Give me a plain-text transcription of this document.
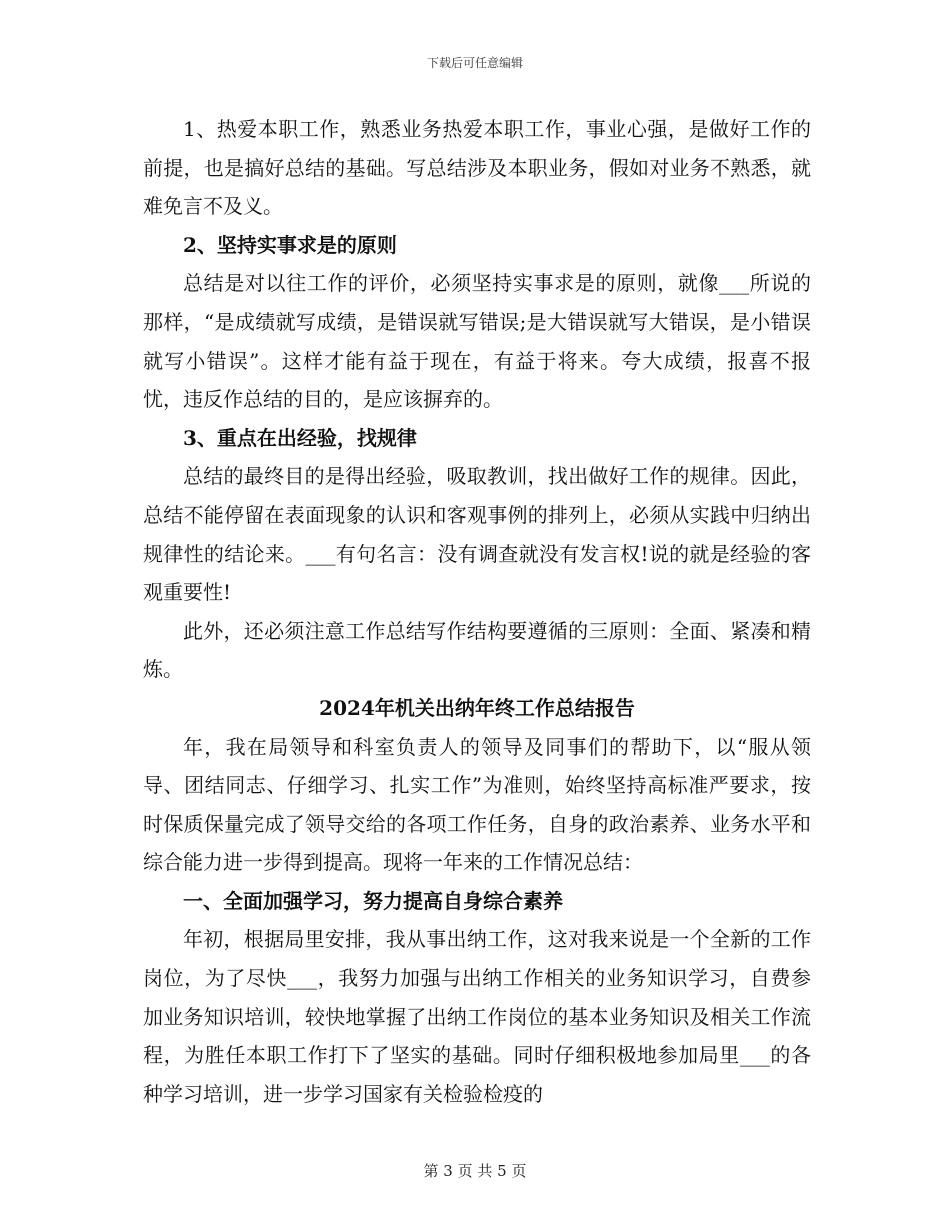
下载后可任意编辑

1、热爱本职工作，熟悉业务热爱本职工作，事业心强，是做好工作的前提，也是搞好总结的基础。写总结涉及本职业务，假如对业务不熟悉，就难免言不及义。

2、坚持实事求是的原则

总结是对以往工作的评价，必须坚持实事求是的原则，就像___所说的那样，“是成绩就写成绩，是错误就写错误;是大错误就写大错误，是小错误就写小错误”。这样才能有益于现在，有益于将来。夸大成绩，报喜不报忧，违反作总结的目的，是应该摒弃的。

3、重点在出经验，找规律

总结的最终目的是得出经验，吸取教训，找出做好工作的规律。因此，总结不能停留在表面现象的认识和客观事例的排列上，必须从实践中归纳出规律性的结论来。___有句名言：没有调查就没有发言权!说的就是经验的客观重要性!

此外，还必须注意工作总结写作结构要遵循的三原则：全面、紧凑和精炼。

2024年机关出纳年终工作总结报告

年，我在局领导和科室负责人的领导及同事们的帮助下，以“服从领导、团结同志、仔细学习、扎实工作”为准则，始终坚持高标准严要求，按时保质保量完成了领导交给的各项工作任务，自身的政治素养、业务水平和综合能力进一步得到提高。现将一年来的工作情况总结：

一、全面加强学习，努力提高自身综合素养

年初，根据局里安排，我从事出纳工作，这对我来说是一个全新的工作岗位，为了尽快___，我努力加强与出纳工作相关的业务知识学习，自费参加业务知识培训，较快地掌握了出纳工作岗位的基本业务知识及相关工作流程，为胜任本职工作打下了坚实的基础。同时仔细积极地参加局里___的各种学习培训，进一步学习国家有关检验检疫的

第 3 页 共 5 页
